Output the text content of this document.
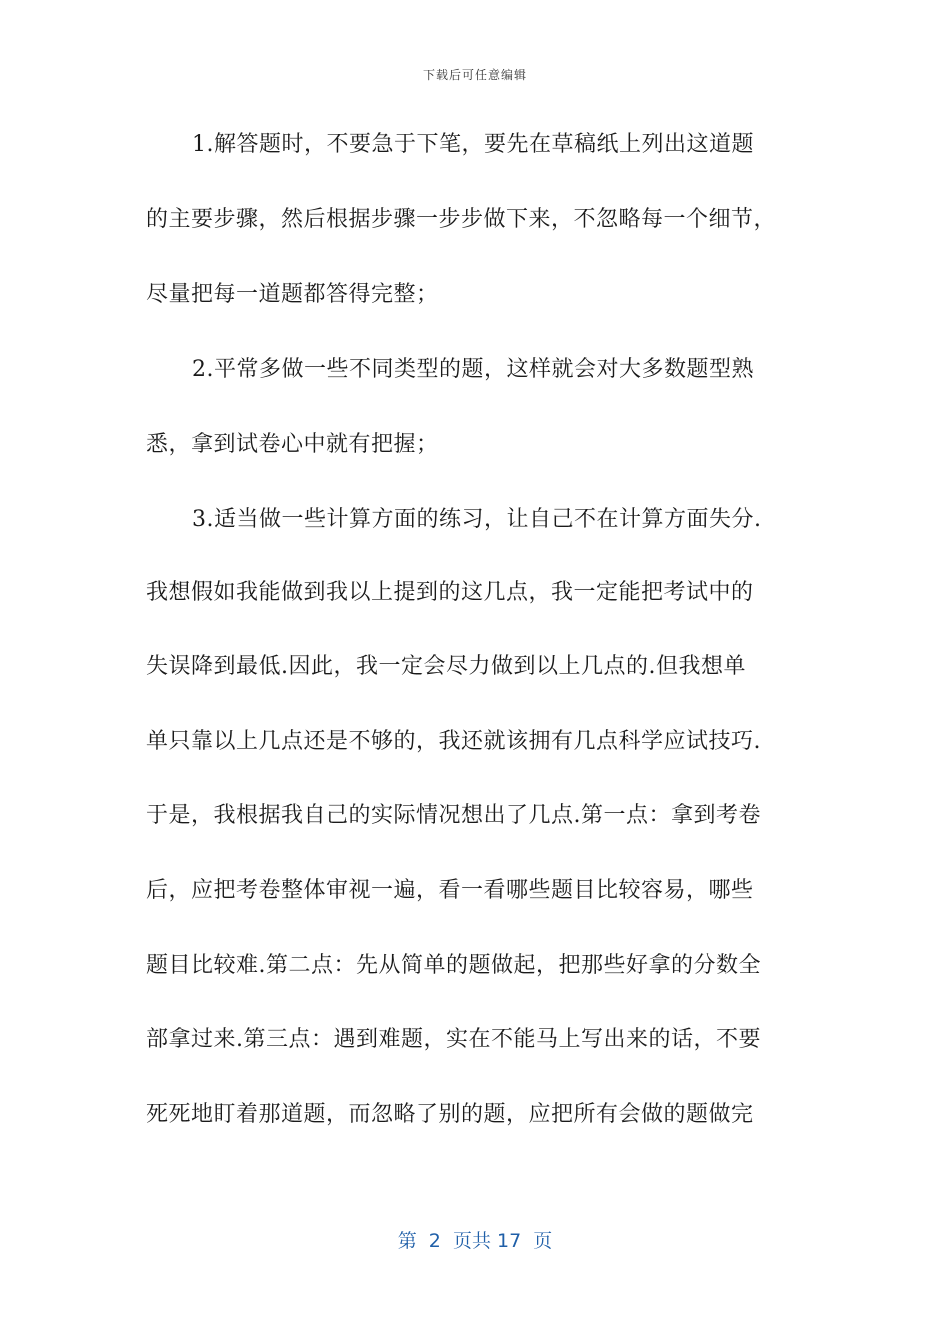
下载后可任意编辑
1.解答题时，不要急于下笔，要先在草稿纸上列出这道题
的主要步骤，然后根据步骤一步步做下来，不忽略每一个细节，
尽量把每一道题都答得完整；
2.平常多做一些不同类型的题，这样就会对大多数题型熟
悉，拿到试卷心中就有把握；
3.适当做一些计算方面的练习，让自己不在计算方面失分.
我想假如我能做到我以上提到的这几点，我一定能把考试中的
失误降到最低.因此，我一定会尽力做到以上几点的.但我想单
单只靠以上几点还是不够的，我还就该拥有几点科学应试技巧.
于是，我根据我自己的实际情况想出了几点.第一点：拿到考卷
后，应把考卷整体审视一遍，看一看哪些题目比较容易，哪些
题目比较难.第二点：先从简单的题做起，把那些好拿的分数全
部拿过来.第三点：遇到难题，实在不能马上写出来的话，不要
死死地盯着那道题，而忽略了别的题，应把所有会做的题做完
第  2  页共 17  页
